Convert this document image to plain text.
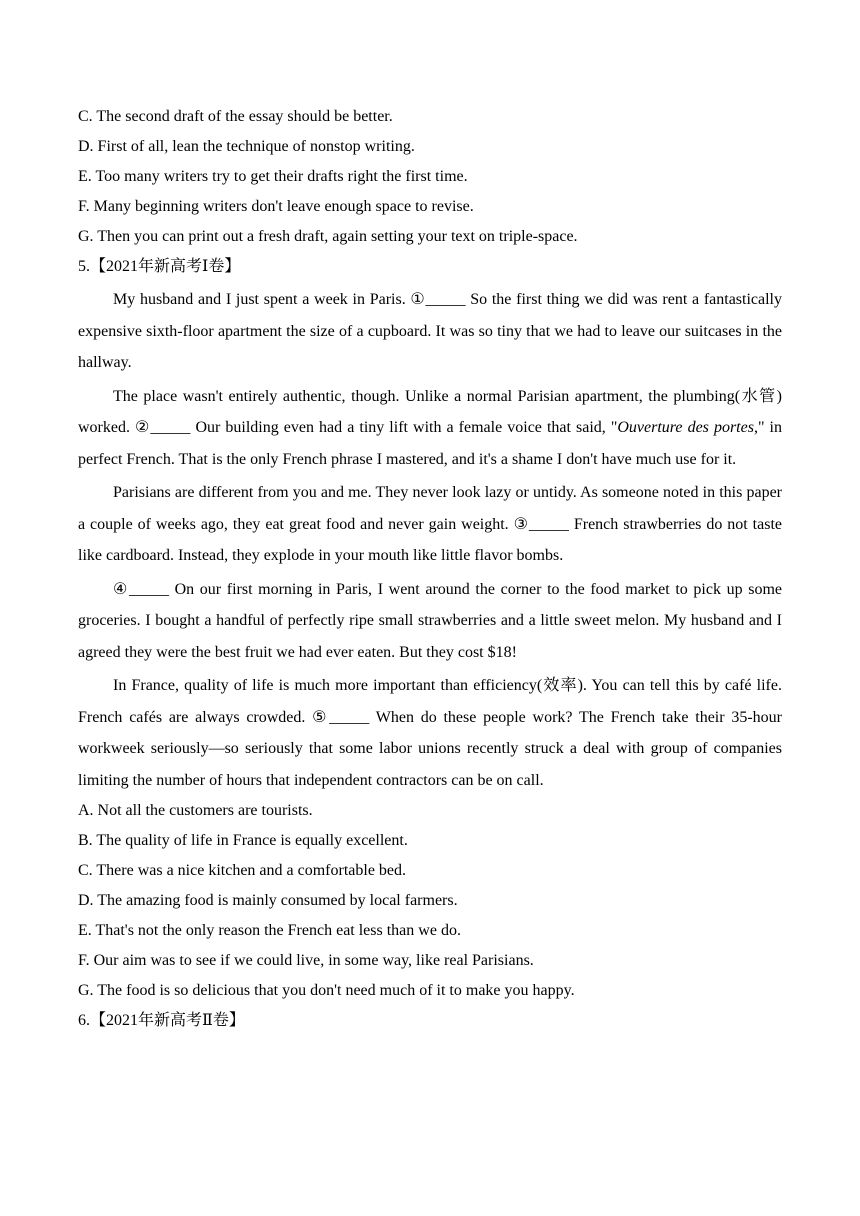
C. The second draft of the essay should be better.

D. First of all, lean the technique of nonstop writing.

E. Too many writers try to get their drafts right the first time.

F. Many beginning writers don't leave enough space to revise.

G. Then you can print out a fresh draft, again setting your text on triple-space.

5.【2021年新高考Ⅰ卷】

My husband and I just spent a week in Paris. ①_____ So the first thing we did was rent a fantastically expensive sixth-floor apartment the size of a cupboard. It was so tiny that we had to leave our suitcases in the hallway.

The place wasn't entirely authentic, though. Unlike a normal Parisian apartment, the plumbing(水管) worked. ②_____ Our building even had a tiny lift with a female voice that said, "Ouverture des portes," in perfect French. That is the only French phrase I mastered, and it's a shame I don't have much use for it.

Parisians are different from you and me. They never look lazy or untidy. As someone noted in this paper a couple of weeks ago, they eat great food and never gain weight. ③_____ French strawberries do not taste like cardboard. Instead, they explode in your mouth like little flavor bombs.

④_____ On our first morning in Paris, I went around the corner to the food market to pick up some groceries. I bought a handful of perfectly ripe small strawberries and a little sweet melon. My husband and I agreed they were the best fruit we had ever eaten. But they cost $18!

In France, quality of life is much more important than efficiency(效率). You can tell this by café life. French cafés are always crowded. ⑤_____ When do these people work? The French take their 35-hour workweek seriously—so seriously that some labor unions recently struck a deal with group of companies limiting the number of hours that independent contractors can be on call.

A. Not all the customers are tourists.

B. The quality of life in France is equally excellent.

C. There was a nice kitchen and a comfortable bed.

D. The amazing food is mainly consumed by local farmers.

E. That's not the only reason the French eat less than we do.

F. Our aim was to see if we could live, in some way, like real Parisians.

G. The food is so delicious that you don't need much of it to make you happy.

6.【2021年新高考Ⅱ卷】
